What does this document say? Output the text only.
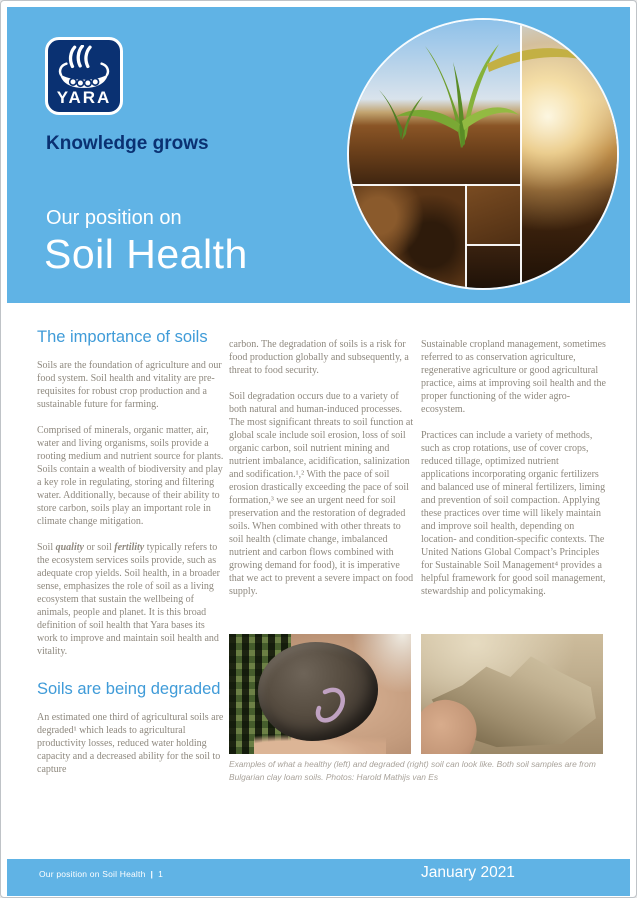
YARA
Knowledge grows
Our position on
Soil Health
The importance of soils

Soils are the foundation of agriculture and our food system. Soil health and vitality are pre-requisites for robust crop production and a sustainable future for farming.

Comprised of minerals, organic matter, air, water and living organisms, soils provide a rooting medium and nutrient source for plants. Soils contain a wealth of biodiversity and play a key role in regulating, storing and filtering water. Additionally, because of their ability to store carbon, soils play an important role in climate change mitigation.

Soil quality or soil fertility typically refers to the ecosystem services soils provide, such as adequate crop yields. Soil health, in a broader sense, emphasizes the role of soil as a living ecosystem that sustain the wellbeing of animals, people and planet. It is this broad definition of soil health that Yara bases its work to improve and maintain soil health and vitality.

Soils are being degraded

An estimated one third of agricultural soils are degraded¹ which leads to agricultural productivity losses, reduced water holding capacity and a decreased ability for the soil to capture

carbon. The degradation of soils is a risk for food production globally and subsequently, a threat to food security.

Soil degradation occurs due to a variety of both natural and human-induced processes. The most significant threats to soil function at global scale include soil erosion, loss of soil organic carbon, soil nutrient mining and nutrient imbalance, acidification, salinization and sodification.¹,² With the pace of soil erosion drastically exceeding the pace of soil formation,³ we see an urgent need for soil preservation and the restoration of degraded soils. When combined with other threats to soil health (climate change, imbalanced nutrient and carbon flows combined with growing demand for food), it is imperative that we act to prevent a severe impact on food supply.

Sustainable cropland management, sometimes referred to as conservation agriculture, regenerative agriculture or good agricultural practice, aims at improving soil health and the proper functioning of the wider agro-ecosystem.

Practices can include a variety of methods, such as crop rotations, use of cover crops, reduced tillage, optimized nutrient applications incorporating organic fertilizers and balanced use of mineral fertilizers, liming and prevention of soil compaction. Applying these practices over time will likely maintain and improve soil health, depending on location- and condition-specific contexts. The United Nations Global Compact’s Principles for Sustainable Soil Management⁴ provides a helpful framework for good soil management, stewardship and policymaking.

Examples of what a healthy (left) and degraded (right) soil can look like. Both soil samples are from Bulgarian clay loam soils. Photos: Harold Mathijs van Es
Our position on Soil Health | 1	January 2021
